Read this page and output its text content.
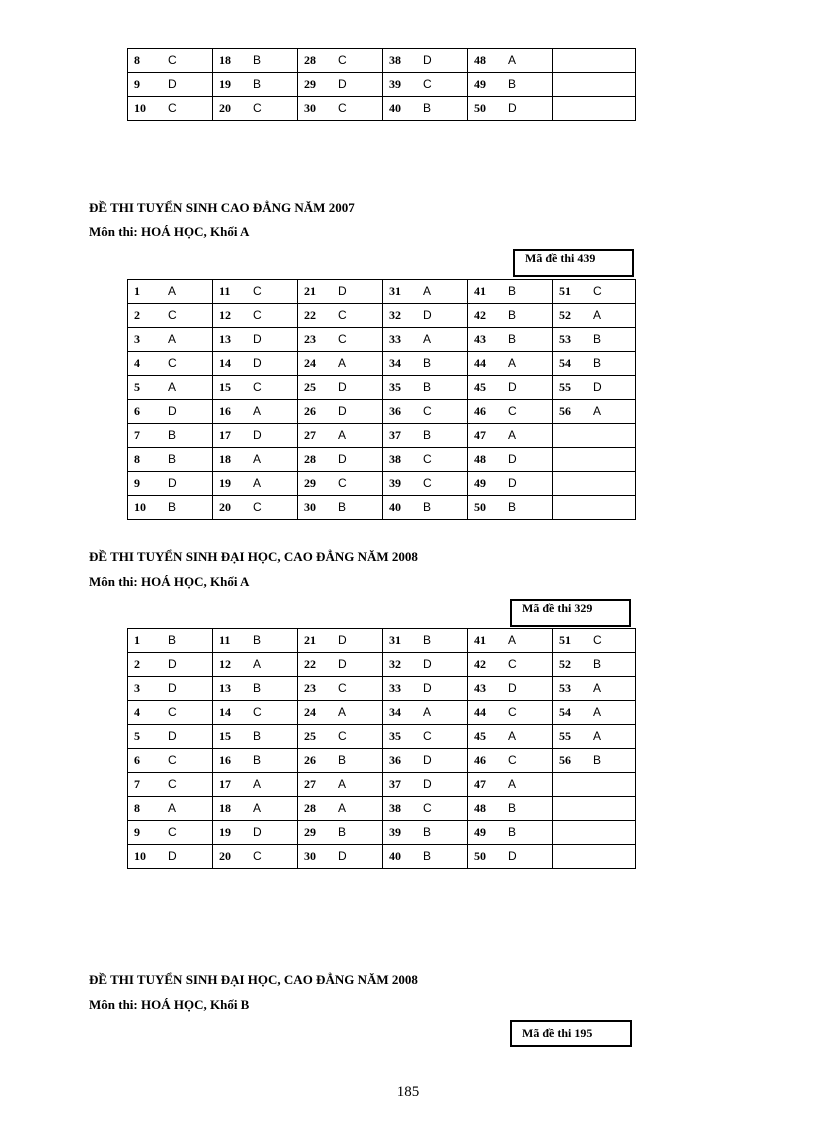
8 C	18 B	28 C	38 D	48 A	
9 D	19 B	29 D	39 C	49 B	
10 C	20 C	30 C	40 B	50 D	
ĐỀ THI TUYỂN SINH CAO ĐẲNG NĂM 2007
Môn thi: HOÁ HỌC, Khối A
Mã đề thi 439
1 A	11 C	21 D	31 A	41 B	51 C
2 C	12 C	22 C	32 D	42 B	52 A
3 A	13 D	23 C	33 A	43 B	53 B
4 C	14 D	24 A	34 B	44 A	54 B
5 A	15 C	25 D	35 B	45 D	55 D
6 D	16 A	26 D	36 C	46 C	56 A
7 B	17 D	27 A	37 B	47 A	
8 B	18 A	28 D	38 C	48 D	
9 D	19 A	29 C	39 C	49 D	
10 B	20 C	30 B	40 B	50 B	
ĐỀ THI TUYỂN SINH ĐẠI HỌC, CAO ĐẲNG NĂM 2008
Môn thi: HOÁ HỌC, Khối A
Mã đề thi 329
1 B	11 B	21 D	31 B	41 A	51 C
2 D	12 A	22 D	32 D	42 C	52 B
3 D	13 B	23 C	33 D	43 D	53 A
4 C	14 C	24 A	34 A	44 C	54 A
5 D	15 B	25 C	35 C	45 A	55 A
6 C	16 B	26 B	36 D	46 C	56 B
7 C	17 A	27 A	37 D	47 A	
8 A	18 A	28 A	38 C	48 B	
9 C	19 D	29 B	39 B	49 B	
10 D	20 C	30 D	40 B	50 D	
ĐỀ THI TUYỂN SINH ĐẠI HỌC, CAO ĐẲNG NĂM 2008
Môn thi: HOÁ HỌC, Khối B
Mã đề thi 195
185
